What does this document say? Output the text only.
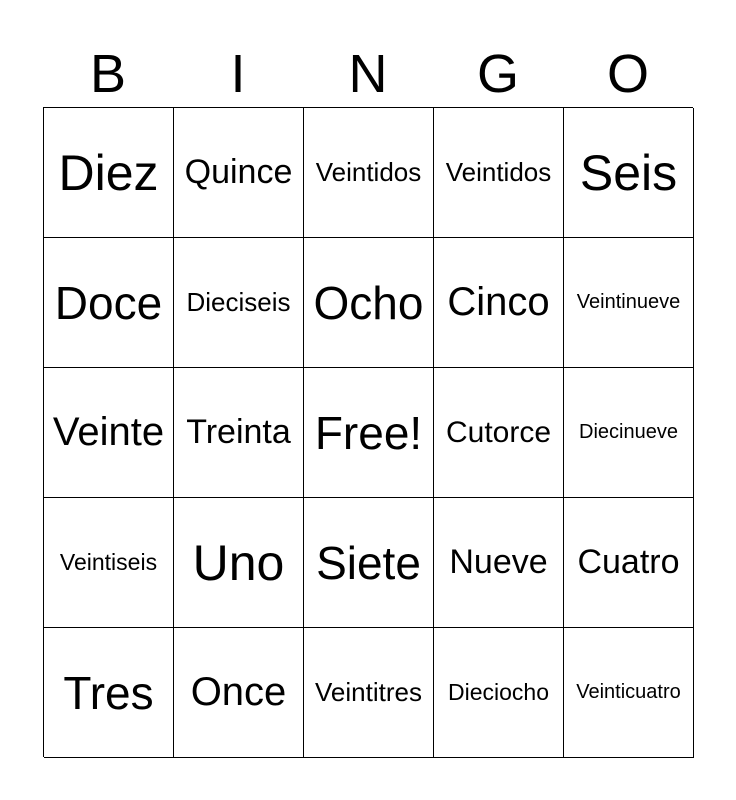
B	I	N	G	O
Diez Quince Veintidos Veintidos Seis
Doce Dieciseis Ocho Cinco	Veintinueve
Veinte Treinta Free! Cutorce	Diecinueve
Veintiseis Uno Siete Nueve Cuatro
Tres Once	Veintitres	Dieciocho	Veinticuatro
